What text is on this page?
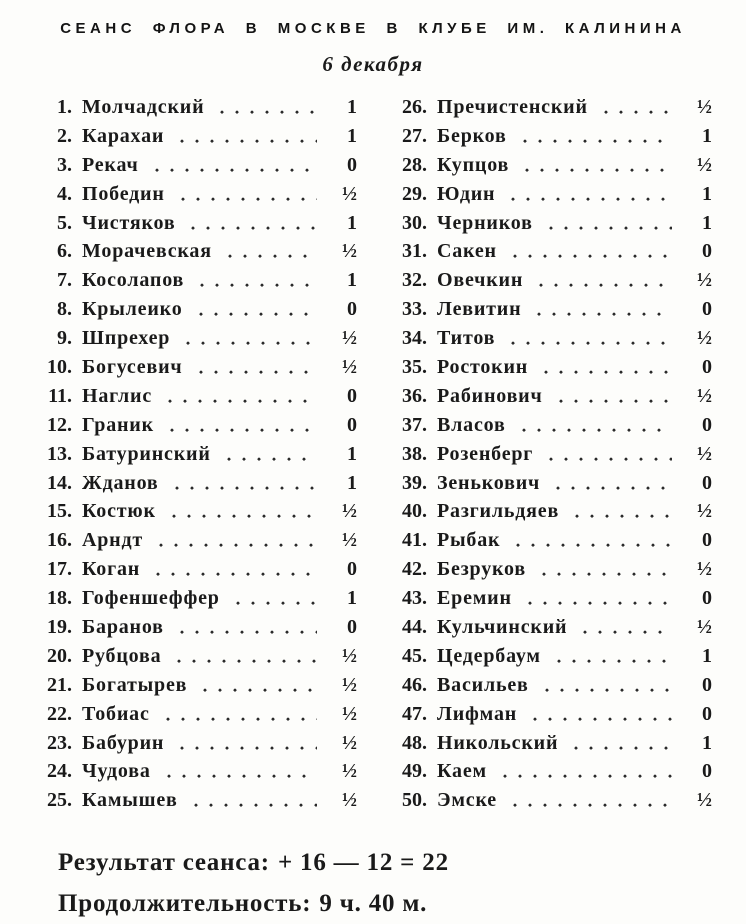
СЕАНС ФЛОРА В МОСКВЕ В КЛУБЕ ИМ. КАЛИНИНА
6 декабря
1. Молчадский	1
2. Карахаи	1
3. Рекач	0
4. Победин	½
5. Чистяков	1
6. Морачевская	½
7. Косолапов	1
8. Крылеико	0
9. Шпрехер	½
10. Богусевич	½
11. Наглис	0
12. Граник	0
13. Батуринский	1
14. Жданов	1
15. Костюк	½
16. Арндт	½
17. Коган	0
18. Гофеншеффер	1
19. Баранов	0
20. Рубцова	½
21. Богатырев	½
22. Тобиас	½
23. Бабурин	½
24. Чудова	½
25. Камышев	½
26. Пречистенский	½
27. Берков	1
28. Купцов	½
29. Юдин	1
30. Черников	1
31. Сакен	0
32. Овечкин	½
33. Левитин	0
34. Титов	½
35. Ростокин	0
36. Рабинович	½
37. Власов	0
38. Розенберг	½
39. Зенькович	0
40. Разгильдяев	½
41. Рыбак	0
42. Безруков	½
43. Еремин	0
44. Кульчинский	½
45. Цедербаум	1
46. Васильев	0
47. Лифман	0
48. Никольский	1
49. Каем	0
50. Эмске	½
Результат сеанса: + 16 — 12 = 22
Продолжительность: 9 ч. 40 м.
